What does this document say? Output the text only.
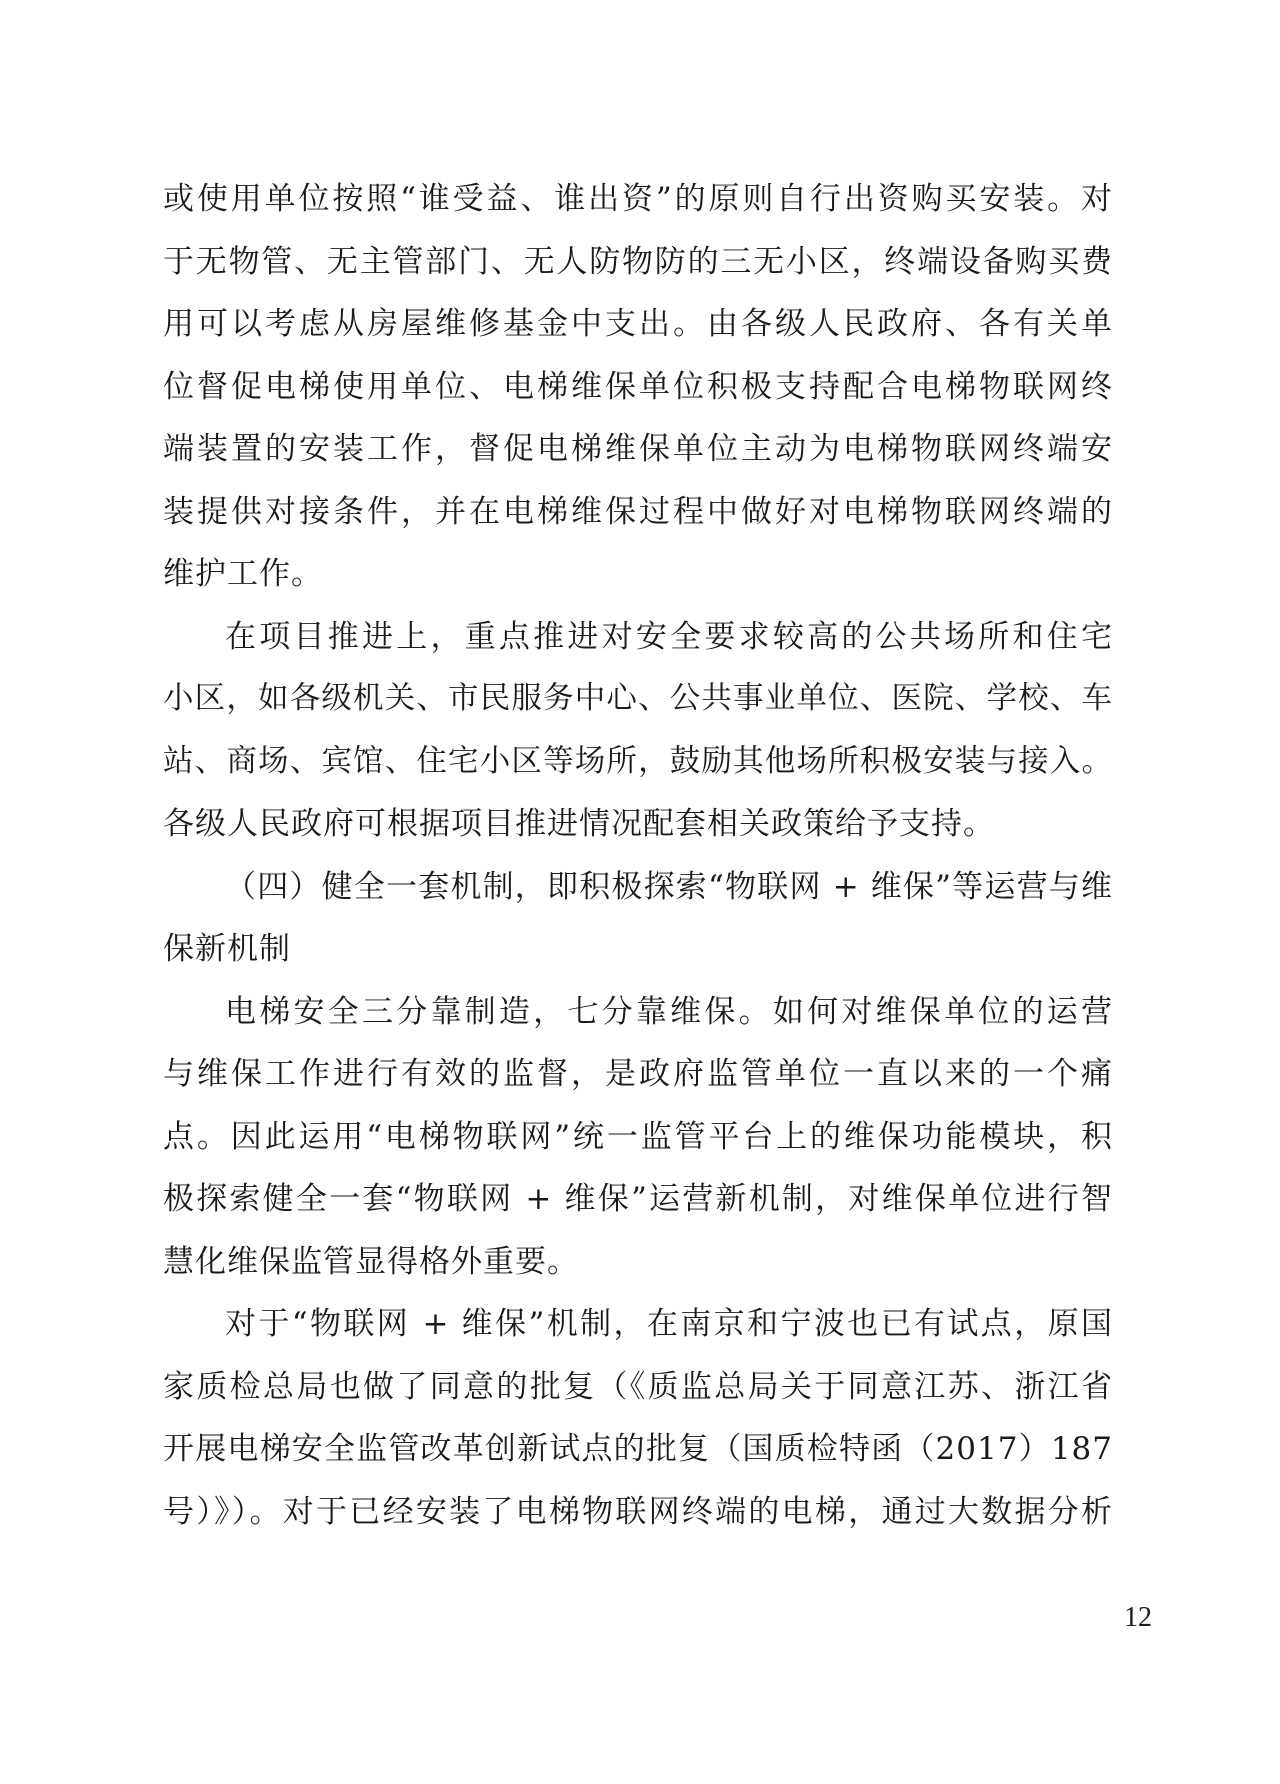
或使用单位按照“谁受益、谁出资”的原则自行出资购买安装。对
于无物管、无主管部门、无人防物防的三无小区，终端设备购买费
用可以考虑从房屋维修基金中支出。由各级人民政府、各有关单
位督促电梯使用单位、电梯维保单位积极支持配合电梯物联网终
端装置的安装工作，督促电梯维保单位主动为电梯物联网终端安
装提供对接条件，并在电梯维保过程中做好对电梯物联网终端的
维护工作。
在项目推进上，重点推进对安全要求较高的公共场所和住宅
小区，如各级机关、市民服务中心、公共事业单位、医院、学校、车
站、商场、宾馆、住宅小区等场所，鼓励其他场所积极安装与接入。
各级人民政府可根据项目推进情况配套相关政策给予支持。
（四）健全一套机制，即积极探索“物联网 + 维保”等运营与维
保新机制
电梯安全三分靠制造，七分靠维保。如何对维保单位的运营
与维保工作进行有效的监督，是政府监管单位一直以来的一个痛
点。因此运用“电梯物联网”统一监管平台上的维保功能模块，积
极探索健全一套“物联网 + 维保”运营新机制，对维保单位进行智
慧化维保监管显得格外重要。
对于“物联网 + 维保”机制，在南京和宁波也已有试点，原国
家质检总局也做了同意的批复（《质监总局关于同意江苏、浙江省
开展电梯安全监管改革创新试点的批复（国质检特函（2017）187
号）》）。对于已经安装了电梯物联网终端的电梯，通过大数据分析
12
